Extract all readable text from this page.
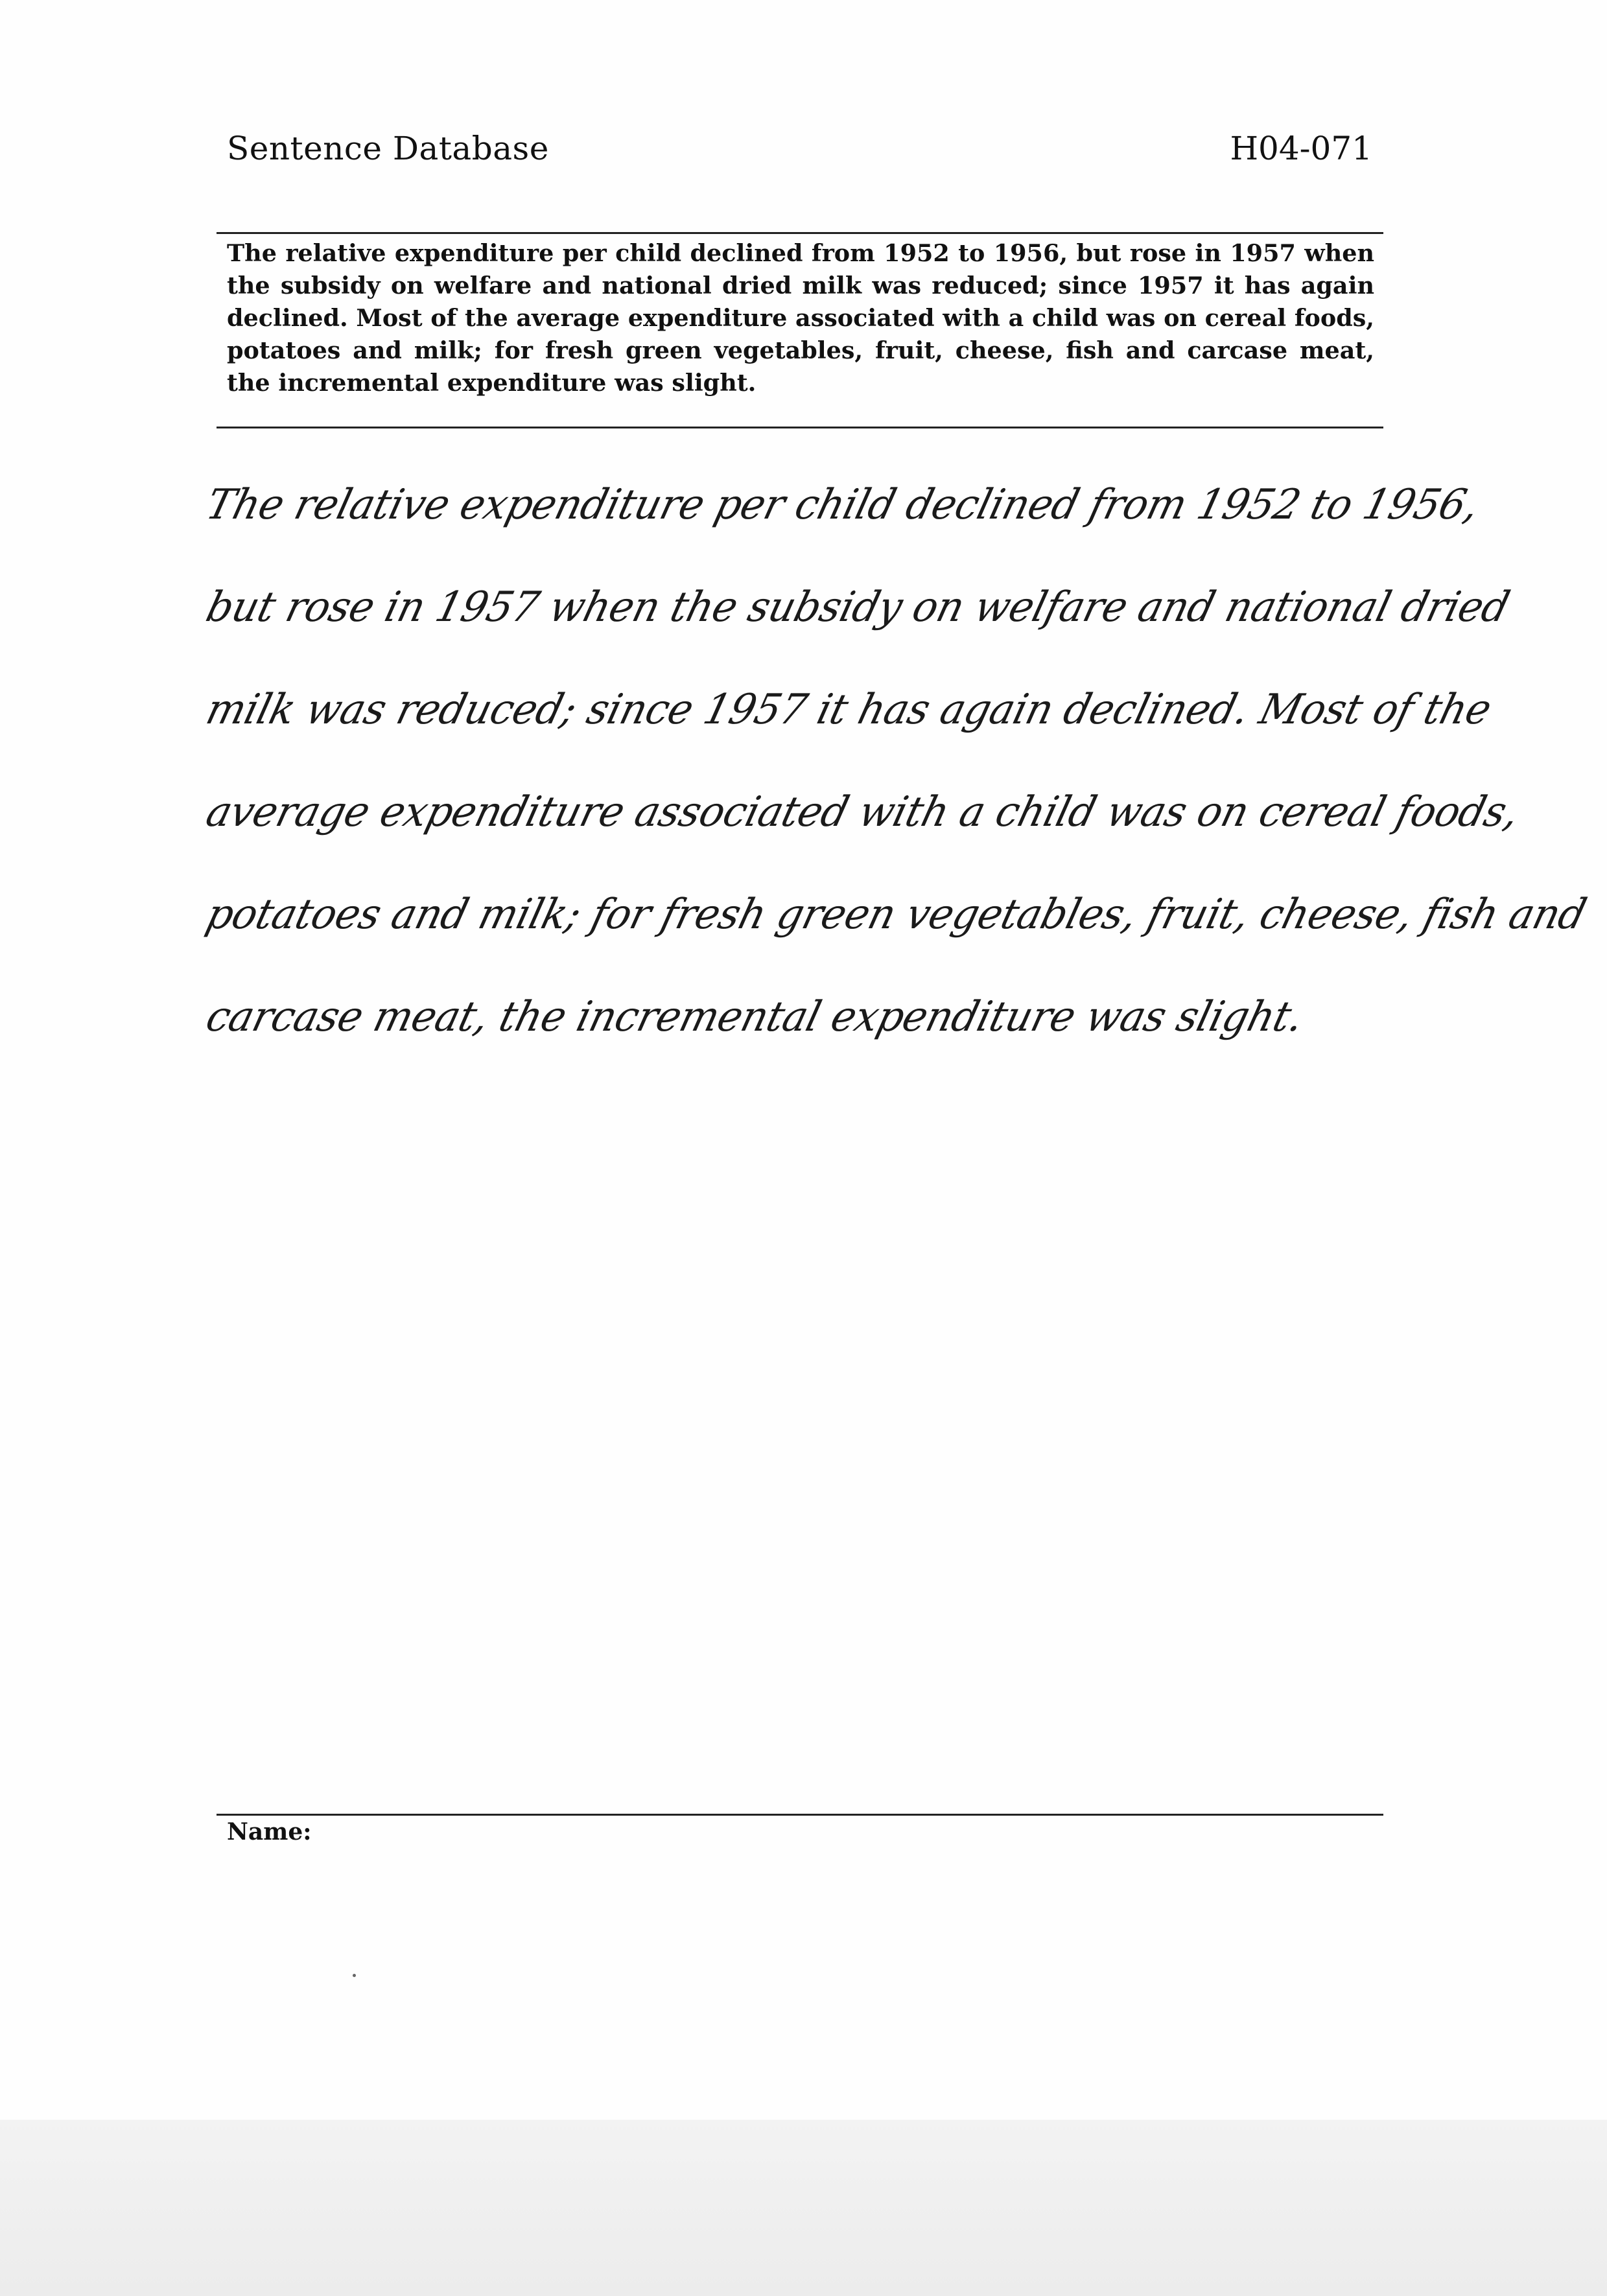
Sentence Database	H04-071
The relative expenditure per child declined from 1952 to 1956, but rose in 1957 when the subsidy on welfare and national dried milk was reduced; since 1957 it has again declined. Most of the average expenditure associated with a child was on cereal foods, potatoes and milk; for fresh green vegetables, fruit, cheese, fish and carcase meat, the incremental expenditure was slight.
The relative expenditure per child declined from 1952 to 1956,
but rose in 1957 when the subsidy on welfare and national dried
milk was reduced; since 1957 it has again declined. Most of the
average expenditure associated with a child was on cereal foods,
potatoes and milk; for fresh green vegetables, fruit, cheese, fish and
carcase meat, the incremental expenditure was slight.
Name:
